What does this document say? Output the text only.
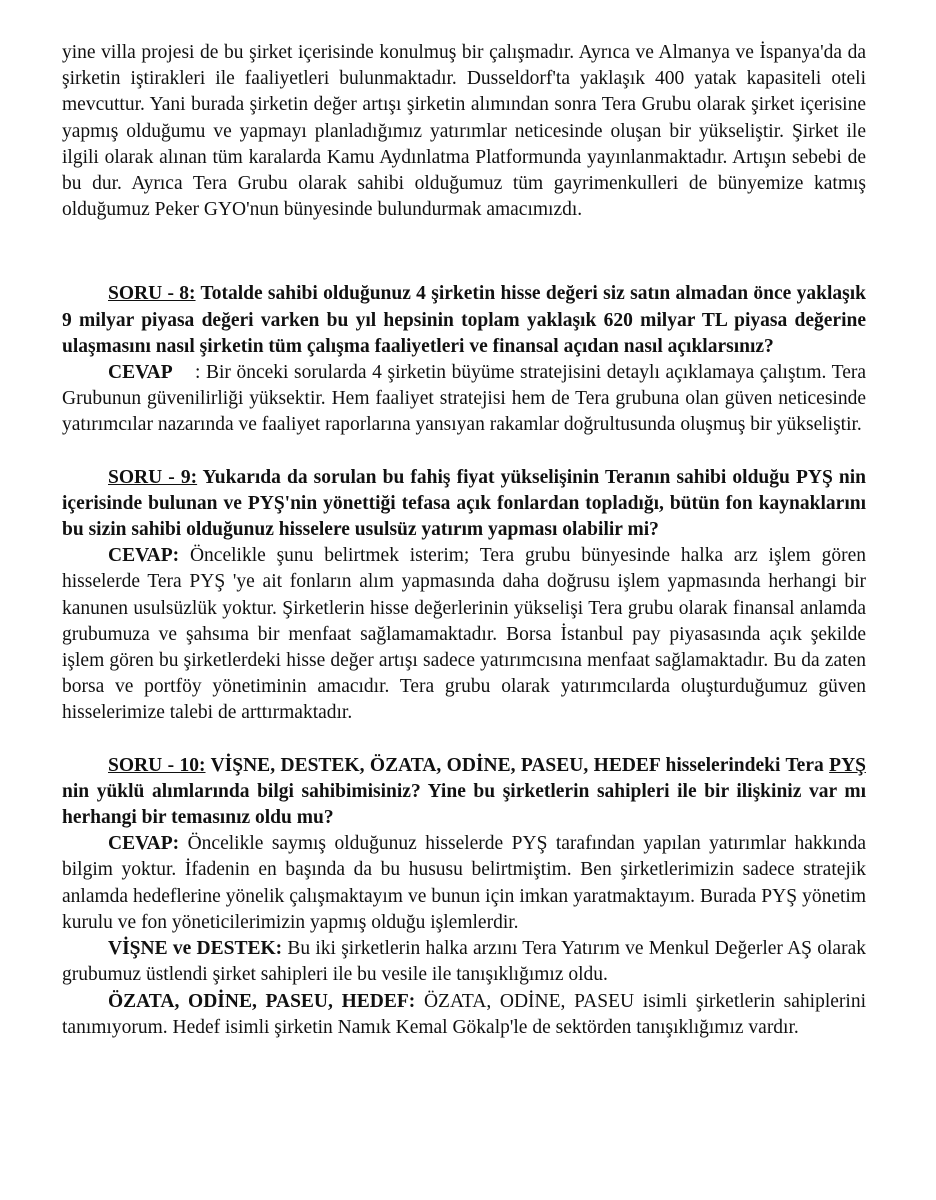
yine villa projesi de bu şirket içerisinde konulmuş bir çalışmadır. Ayrıca ve Almanya ve İspanya'da da şirketin iştirakleri ile faaliyetleri bulunmaktadır. Dusseldorf'ta yaklaşık 400 yatak kapasiteli oteli mevcuttur. Yani burada şirketin değer artışı şirketin alımından sonra Tera Grubu olarak şirket içerisine yapmış olduğumu ve yapmayı planladığımız yatırımlar neticesinde oluşan bir yükseliştir. Şirket ile ilgili olarak alınan tüm karalarda Kamu Aydınlatma Platformunda yayınlanmaktadır. Artışın sebebi de bu dur. Ayrıca Tera Grubu olarak sahibi olduğumuz tüm gayrimenkulleri de bünyemize katmış olduğumuz Peker GYO'nun bünyesinde bulundurmak amacımızdı.

SORU - 8: Totalde sahibi olduğunuz 4 şirketin hisse değeri siz satın almadan önce yaklaşık 9 milyar piyasa değeri varken bu yıl hepsinin toplam yaklaşık 620 milyar TL piyasa değerine ulaşmasını nasıl şirketin tüm çalışma faaliyetleri ve finansal açıdan nasıl açıklarsınız?

CEVAP    : Bir önceki sorularda 4 şirketin büyüme stratejisini detaylı açıklamaya çalıştım. Tera Grubunun güvenilirliği yüksektir. Hem faaliyet stratejisi hem de Tera grubuna olan güven neticesinde yatırımcılar nazarında ve faaliyet raporlarına yansıyan rakamlar doğrultusunda oluşmuş bir yükseliştir.

SORU - 9: Yukarıda da sorulan bu fahiş fiyat yükselişinin Teranın sahibi olduğu PYŞ nin içerisinde bulunan ve PYŞ'nin yönettiği tefasa açık fonlardan topladığı, bütün fon kaynaklarını bu sizin sahibi olduğunuz hisselere usulsüz yatırım yapması olabilir mi?

CEVAP: Öncelikle şunu belirtmek isterim; Tera grubu bünyesinde halka arz işlem gören hisselerde Tera PYŞ 'ye ait fonların alım yapmasında daha doğrusu işlem yapmasında herhangi bir kanunen usulsüzlük yoktur. Şirketlerin hisse değerlerinin yükselişi Tera grubu olarak finansal anlamda grubumuza ve şahsıma bir menfaat sağlamamaktadır. Borsa İstanbul pay piyasasında açık şekilde işlem gören bu şirketlerdeki hisse değer artışı sadece yatırımcısına menfaat sağlamaktadır. Bu da zaten borsa ve portföy yönetiminin amacıdır. Tera grubu olarak yatırımcılarda oluşturduğumuz güven hisselerimize talebi de arttırmaktadır.

SORU - 10: VİŞNE, DESTEK, ÖZATA, ODİNE, PASEU, HEDEF hisselerindeki Tera PYŞ nin yüklü alımlarında bilgi sahibimisiniz? Yine bu şirketlerin sahipleri ile bir ilişkiniz var mı herhangi bir temasınız oldu mu?

CEVAP: Öncelikle saymış olduğunuz hisselerde PYŞ tarafından yapılan yatırımlar hakkında bilgim yoktur. İfadenin en başında da bu hususu belirtmiştim. Ben şirketlerimizin sadece stratejik anlamda hedeflerine yönelik çalışmaktayım ve bunun için imkan yaratmaktayım. Burada PYŞ yönetim kurulu ve fon yöneticilerimizin yapmış olduğu işlemlerdir.

VİŞNE ve DESTEK: Bu iki şirketlerin halka arzını Tera Yatırım ve Menkul Değerler AŞ olarak grubumuz üstlendi şirket sahipleri ile bu vesile ile tanışıklığımız oldu.

ÖZATA, ODİNE, PASEU, HEDEF: ÖZATA, ODİNE, PASEU isimli şirketlerin sahiplerini tanımıyorum. Hedef isimli şirketin Namık Kemal Gökalp'le de sektörden tanışıklığımız vardır.
